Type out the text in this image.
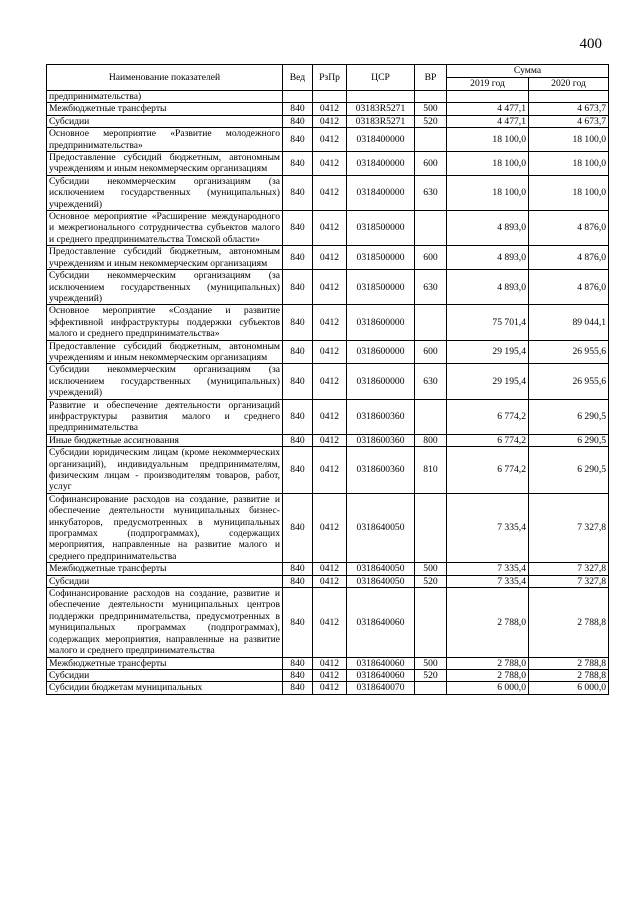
400
Наименование показателей	Вед	РзПр	ЦСР	ВР	Сумма	
					2019 год	2020 год
предпринимательства)						
Межбюджетные трансферты	840	0412	03183R5271	500	4 477,1	4 673,7
Субсидии	840	0412	03183R5271	520	4 477,1	4 673,7
Основное мероприятие «Развитие молодежного предпринимательства»	840	0412	0318400000		18 100,0	18 100,0
Предоставление субсидий бюджетным, автономным учреждениям и иным некоммерческим организациям	840	0412	0318400000	600	18 100,0	18 100,0
Субсидии некоммерческим организациям (за исключением государственных (муниципальных) учреждений)	840	0412	0318400000	630	18 100,0	18 100,0
Основное мероприятие «Расширение международного и межрегионального сотрудничества субъектов малого и среднего предпринимательства Томской области»	840	0412	0318500000		4 893,0	4 876,0
Предоставление субсидий бюджетным, автономным учреждениям и иным некоммерческим организациям	840	0412	0318500000	600	4 893,0	4 876,0
Субсидии некоммерческим организациям (за исключением государственных (муниципальных) учреждений)	840	0412	0318500000	630	4 893,0	4 876,0
Основное мероприятие «Создание и развитие эффективной инфраструктуры поддержки субъектов малого и среднего предпринимательства»	840	0412	0318600000		75 701,4	89 044,1
Предоставление субсидий бюджетным, автономным учреждениям и иным некоммерческим организациям	840	0412	0318600000	600	29 195,4	26 955,6
Субсидии некоммерческим организациям (за исключением государственных (муниципальных) учреждений)	840	0412	0318600000	630	29 195,4	26 955,6
Развитие и обеспечение деятельности организаций инфраструктуры развития малого и среднего предпринимательства	840	0412	0318600360		6 774,2	6 290,5
Иные бюджетные ассигнования	840	0412	0318600360	800	6 774,2	6 290,5
Субсидии юридическим лицам (кроме некоммерческих организаций), индивидуальным предпринимателям, физическим лицам - производителям товаров, работ, услуг	840	0412	0318600360	810	6 774,2	6 290,5
Софинансирование расходов на создание, развитие и обеспечение деятельности муниципальных бизнес-инкубаторов, предусмотренных в муниципальных программах (подпрограммах), содержащих мероприятия, направленные на развитие малого и среднего предпринимательства	840	0412	0318640050		7 335,4	7 327,8
Межбюджетные трансферты	840	0412	0318640050	500	7 335,4	7 327,8
Субсидии	840	0412	0318640050	520	7 335,4	7 327,8
Софинансирование расходов на создание, развитие и обеспечение деятельности муниципальных центров поддержки предпринимательства, предусмотренных в муниципальных программах (подпрограммах), содержащих мероприятия, направленные на развитие малого и среднего предпринимательства	840	0412	0318640060		2 788,0	2 788,8
Межбюджетные трансферты	840	0412	0318640060	500	2 788,0	2 788,8
Субсидии	840	0412	0318640060	520	2 788,0	2 788,8
Субсидии бюджетам муниципальных	840	0412	0318640070		6 000,0	6 000,0
